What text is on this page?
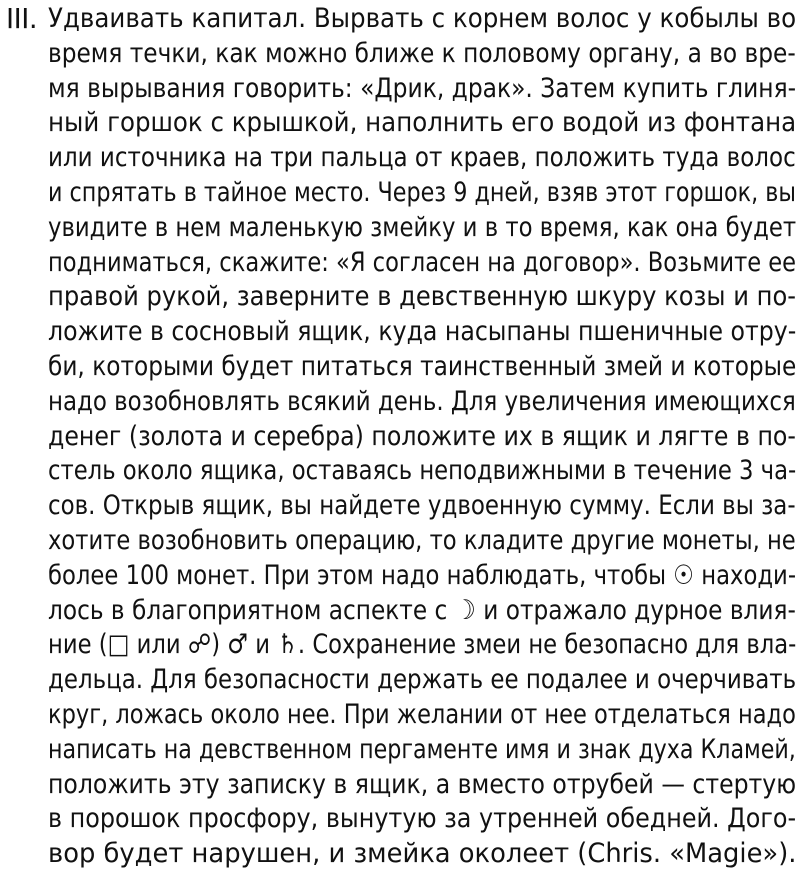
III. Удваивать капитал. Вырвать с корнем волос у кобылы во
время течки, как можно ближе к половому органу, а во вре-
мя вырывания говорить: «Дрик, драк». Затем купить глиня-
ный горшок с крышкой, наполнить его водой из фонтана
или источника на три пальца от краев, положить туда волос
и спрятать в тайное место. Через 9 дней, взяв этот горшок, вы
увидите в нем маленькую змейку и в то время, как она будет
подниматься, скажите: «Я согласен на договор». Возьмите ее
правой рукой, заверните в девственную шкуру козы и по-
ложите в сосновый ящик, куда насыпаны пшеничные отру-
би, которыми будет питаться таинственный змей и которые
надо возобновлять всякий день. Для увеличения имеющихся
денег (золота и серебра) положите их в ящик и лягте в по-
стель около ящика, оставаясь неподвижными в течение 3 ча-
сов. Открыв ящик, вы найдете удвоенную сумму. Если вы за-
хотите возобновить операцию, то кладите другие монеты, не
более 100 монет. При этом надо наблюдать, чтобы ☉ находи-
лось в благоприятном аспекте с ☽ и отражало дурное влия-
ние (□ или ☍) ♂ и ♄. Сохранение змеи не безопасно для вла-
дельца. Для безопасности держать ее подалее и очерчивать
круг, ложась около нее. При желании от нее отделаться надо
написать на девственном пергаменте имя и знак духа Кламей,
положить эту записку в ящик, а вместо отрубей — стертую
в порошок просфору, вынутую за утренней обедней. Дого-
вор будет нарушен, и змейка околеет (Chris. «Magie»).
